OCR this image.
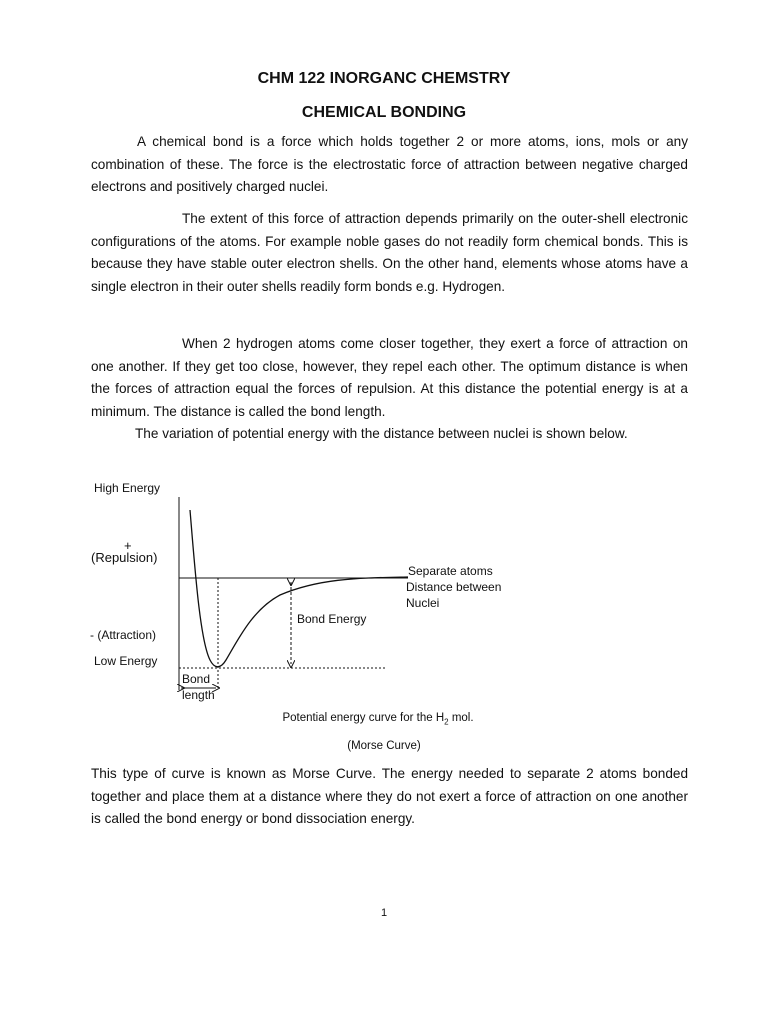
CHM 122 INORGANC CHEMSTRY
CHEMICAL BONDING

A chemical bond is a force which holds together 2 or more atoms, ions, mols or any combination of these. The force is the electrostatic force of attraction between negative charged electrons and positively charged nuclei.

The extent of this force of attraction depends primarily on the outer-shell electronic configurations of the atoms. For example noble gases do not readily form chemical bonds. This is because they have stable outer electron shells. On the other hand, elements whose atoms have a single electron in their outer shells readily form bonds e.g. Hydrogen.

When 2 hydrogen atoms come closer together, they exert a force of attraction on one another. If they get too close, however, they repel each other. The optimum distance is when the forces of attraction equal the forces of repulsion. At this distance the potential energy is at a minimum. The distance is called the bond length.

The variation of potential energy with the distance between nuclei is shown below.

High Energy
+
(Repulsion)
- (Attraction)
Low Energy
Separate atoms
Distance between
Nuclei
Bond Energy
Bond
length
Potential energy curve for the $H_2$ mol.
(Morse Curve)

This type of curve is known as Morse Curve. The energy needed to separate 2 atoms bonded together and place them at a distance where they do not exert a force of attraction on one another is called the bond energy or bond dissociation energy.

1
